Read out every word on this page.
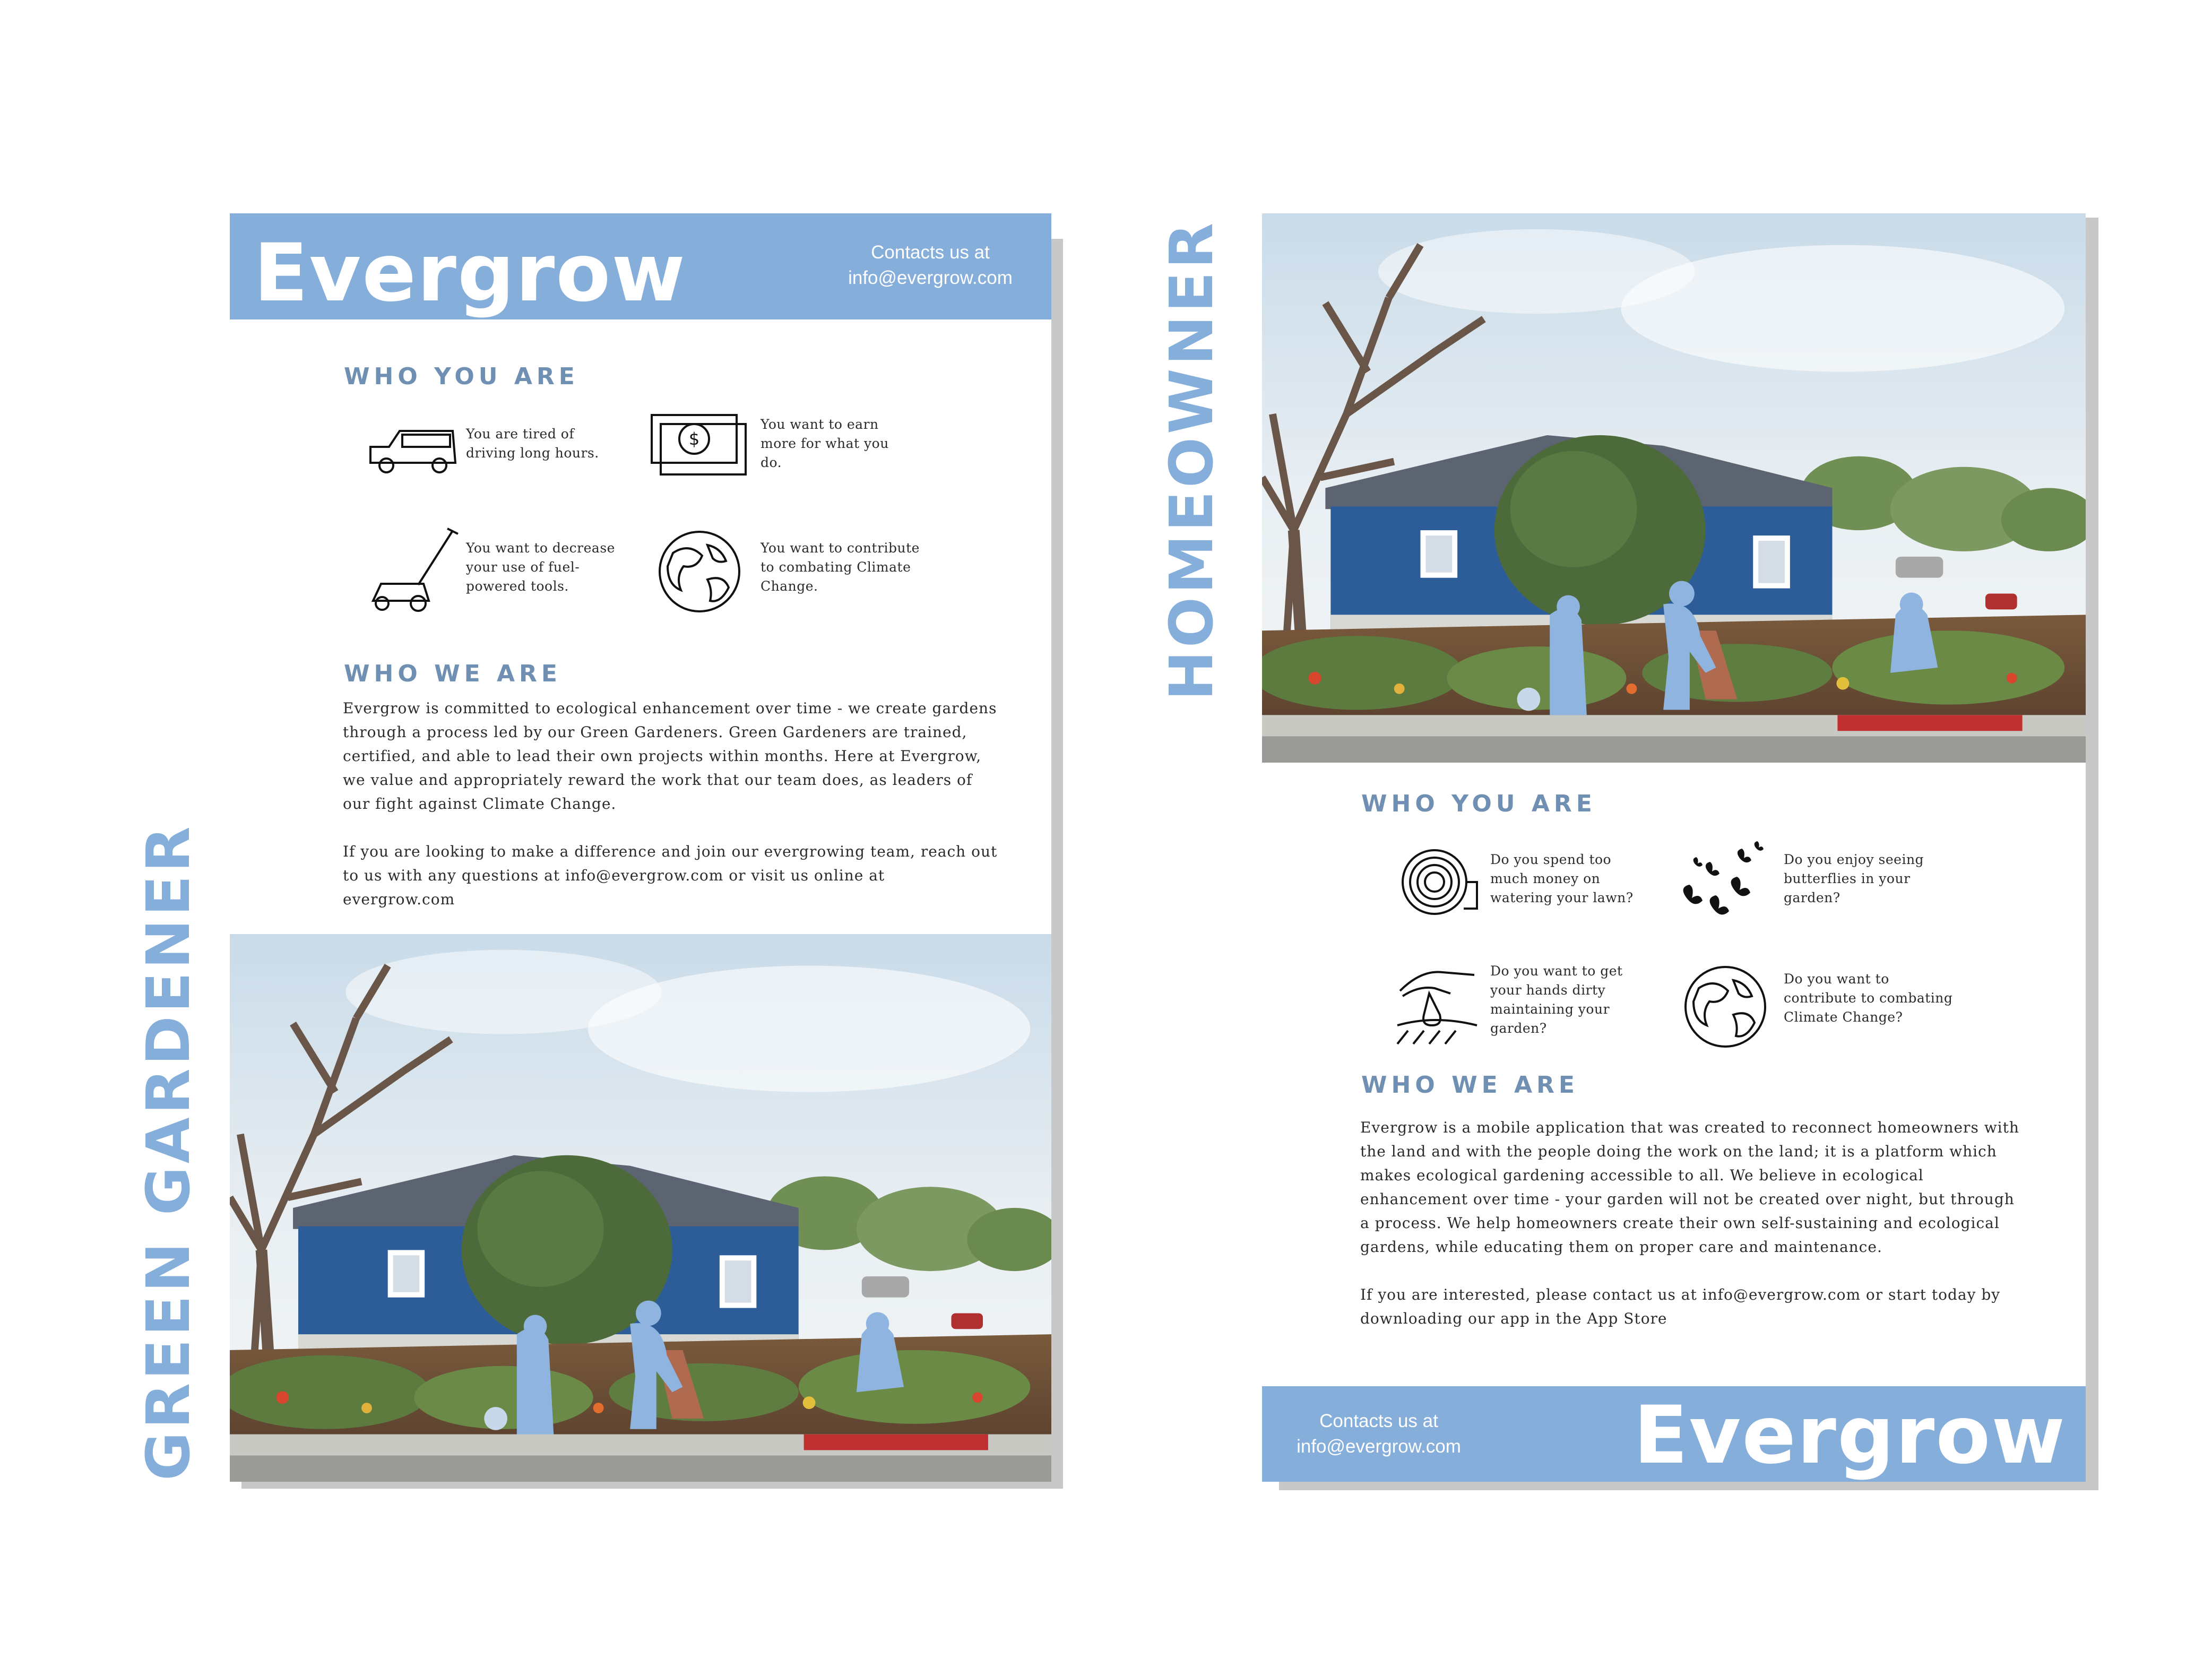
GREEN GARDENER
Evergrow	Contacts us at
info@evergrow.com
WHO YOU ARE
You are tired of driving long hours.
$
You want to earn more for what you do.
You want to decrease your use of fuel-powered tools.
You want to contribute to combating Climate Change.
WHO WE ARE

Evergrow is committed to ecological enhancement over time - we create gardens through a process led by our Green Gardeners. Green Gardeners are trained, certified, and able to lead their own projects within months. Here at Evergrow, we value and appropriately reward the work that our team does, as leaders of our fight against Climate Change.

If you are looking to make a difference and join our evergrowing team, reach out to us with any questions at info@evergrow.com or visit us online at evergrow.com

HOMEOWNER
WHO YOU ARE
Do you spend too much money on watering your lawn?
Do you enjoy seeing butterflies in your garden?
Do you want to get your hands dirty maintaining your garden?
Do you want to contribute to combating Climate Change?
WHO WE ARE

Evergrow is a mobile application that was created to reconnect homeowners with the land and with the people doing the work on the land; it is a platform which makes ecological gardening accessible to all. We believe in ecological enhancement over time - your garden will not be created over night, but through a process. We help homeowners create their own self-sustaining and ecological gardens, while educating them on proper care and maintenance.

If you are interested, please contact us at info@evergrow.com or start today by downloading our app in the App Store

Contacts us at
info@evergrow.com Evergrow
